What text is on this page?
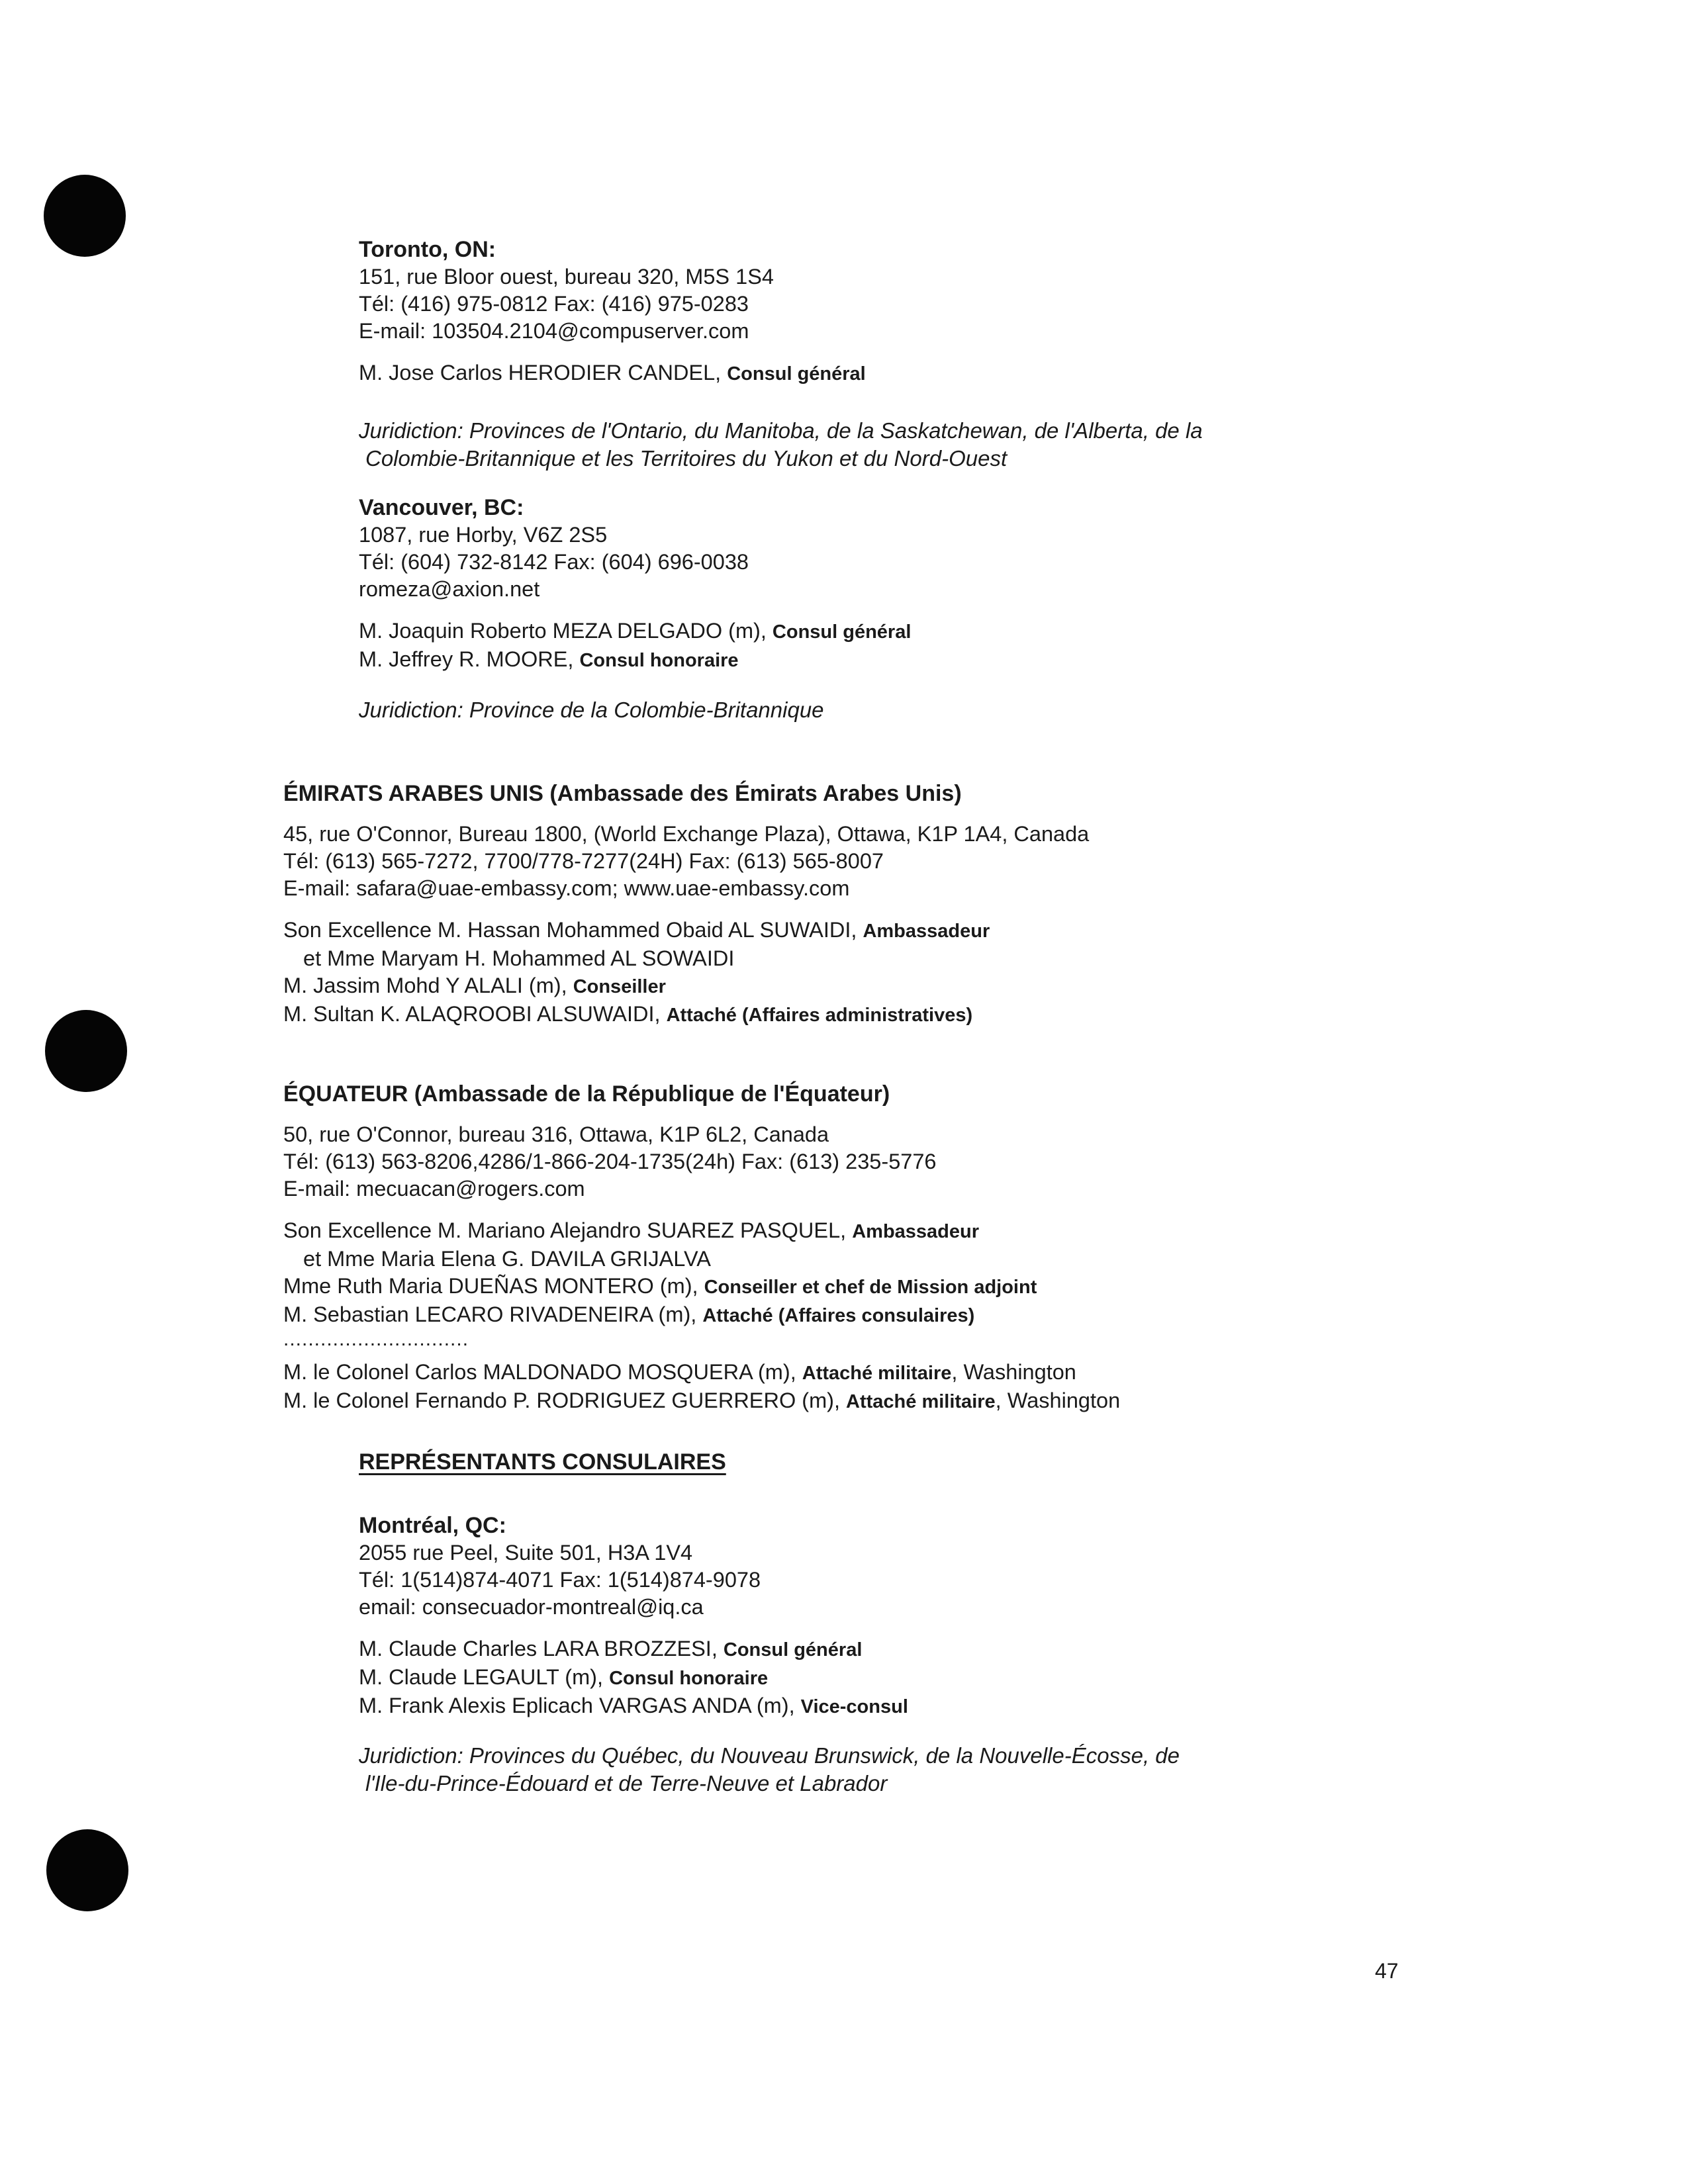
Toronto, ON:
151, rue Bloor ouest, bureau 320, M5S 1S4
Tél: (416) 975-0812 Fax: (416) 975-0283
E-mail: 103504.2104@compuserver.com
M. Jose Carlos HERODIER CANDEL, Consul général
Juridiction: Provinces de l'Ontario, du Manitoba, de la Saskatchewan, de l'Alberta, de la
Colombie-Britannique et les Territoires du Yukon et du Nord-Ouest
Vancouver, BC:
1087, rue Horby, V6Z 2S5
Tél: (604) 732-8142 Fax: (604) 696-0038
romeza@axion.net
M. Joaquin Roberto MEZA DELGADO (m), Consul général
M. Jeffrey R. MOORE, Consul honoraire
Juridiction: Province de la Colombie-Britannique
ÉMIRATS ARABES UNIS (Ambassade des Émirats Arabes Unis)
45, rue O'Connor, Bureau 1800, (World Exchange Plaza), Ottawa, K1P 1A4, Canada
Tél: (613) 565-7272, 7700/778-7277(24H) Fax: (613) 565-8007
E-mail: safara@uae-embassy.com; www.uae-embassy.com
Son Excellence M. Hassan Mohammed Obaid AL SUWAIDI, Ambassadeur
et Mme Maryam H. Mohammed AL SOWAIDI
M. Jassim Mohd Y ALALI (m), Conseiller
M. Sultan K. ALAQROOBI ALSUWAIDI, Attaché (Affaires administratives)
ÉQUATEUR (Ambassade de la République de l'Équateur)
50, rue O'Connor, bureau 316, Ottawa, K1P 6L2, Canada
Tél: (613) 563-8206,4286/1-866-204-1735(24h) Fax: (613) 235-5776
E-mail: mecuacan@rogers.com
Son Excellence M. Mariano Alejandro SUAREZ PASQUEL, Ambassadeur
et Mme Maria Elena G. DAVILA GRIJALVA
Mme Ruth Maria DUEÑAS MONTERO (m), Conseiller et chef de Mission adjoint
M. Sebastian LECARO RIVADENEIRA (m), Attaché (Affaires consulaires)
..............................
M. le Colonel Carlos MALDONADO MOSQUERA (m), Attaché militaire, Washington
M. le Colonel Fernando P. RODRIGUEZ GUERRERO (m), Attaché militaire, Washington
REPRÉSENTANTS CONSULAIRES
Montréal, QC:
2055 rue Peel, Suite 501, H3A 1V4
Tél: 1(514)874-4071 Fax: 1(514)874-9078
email: consecuador-montreal@iq.ca
M. Claude Charles LARA BROZZESI, Consul général
M. Claude LEGAULT (m), Consul honoraire
M. Frank Alexis Eplicach VARGAS ANDA (m), Vice-consul
Juridiction: Provinces du Québec, du Nouveau Brunswick, de la Nouvelle-Écosse, de
l'Ile-du-Prince-Édouard et de Terre-Neuve et Labrador
47
